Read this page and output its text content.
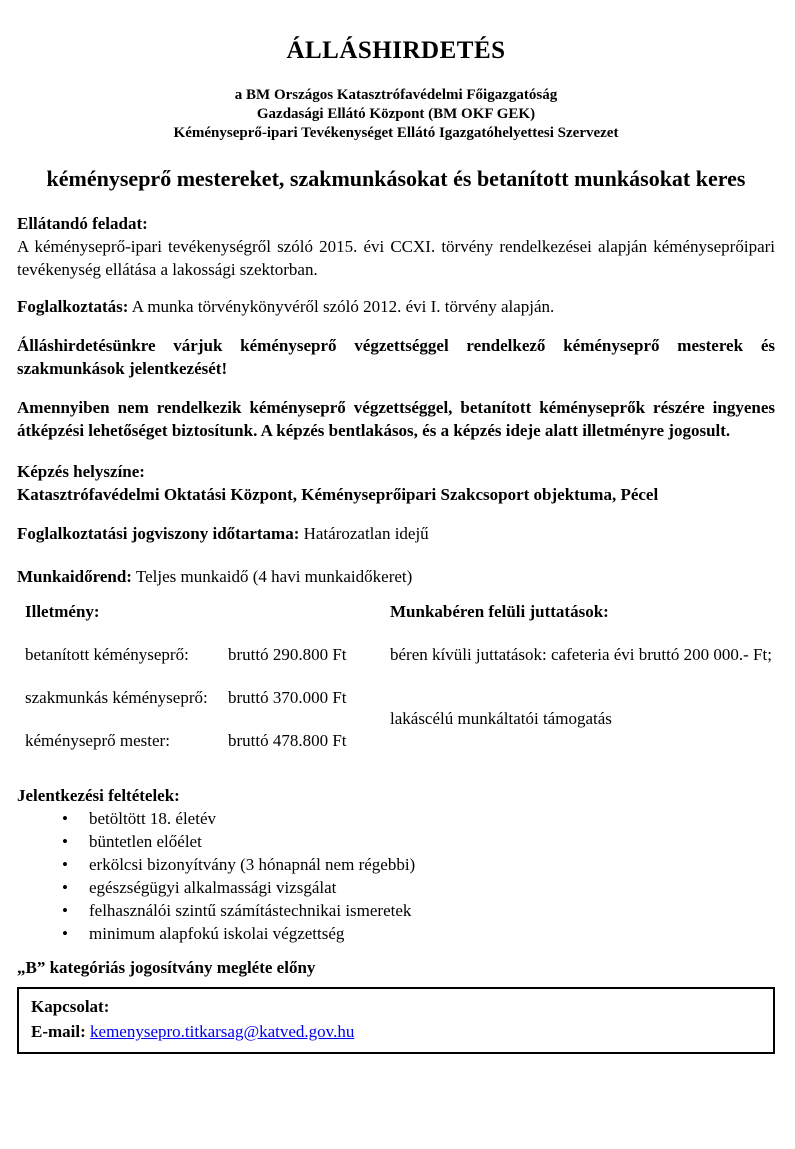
ÁLLÁSHIRDETÉS
a BM Országos Katasztrófavédelmi Főigazgatóság
Gazdasági Ellátó Központ (BM OKF GEK)
Kéményseprő-ipari Tevékenységet Ellátó Igazgatóhelyettesi Szervezet
kéményseprő mestereket, szakmunkásokat és betanított munkásokat keres
Ellátandó feladat:
A kéményseprő-ipari tevékenységről szóló 2015. évi CCXI. törvény rendelkezései alapján kéményseprőipari tevékenység ellátása a lakossági szektorban.

Foglalkoztatás: A munka törvénykönyvéről szóló 2012. évi I. törvény alapján.

Álláshirdetésünkre várjuk kéményseprő végzettséggel rendelkező kéményseprő mesterek és szakmunkások jelentkezését!

Amennyiben nem rendelkezik kéményseprő végzettséggel, betanított kéményseprők részére ingyenes átképzési lehetőséget biztosítunk. A képzés bentlakásos, és a képzés ideje alatt illetményre jogosult.

Képzés helyszíne:
Katasztrófavédelmi Oktatási Központ, Kéményseprőipari Szakcsoport objektuma, Pécel

Foglalkoztatási jogviszony időtartama: Határozatlan idejű

Munkaidőrend: Teljes munkaidő (4 havi munkaidőkeret)

Illetmény:
betanított kéményseprő:	bruttó 290.800 Ft
szakmunkás kéményseprő:	bruttó 370.000 Ft
kéményseprő mester:	bruttó 478.800 Ft
Munkabéren felüli juttatások:
béren kívüli juttatások: cafeteria évi bruttó 200 000.- Ft;
lakáscélú munkáltatói támogatás
Jelentkezési feltételek:
•
betöltött 18. életév
•
büntetlen előélet
•
erkölcsi bizonyítvány (3 hónapnál nem régebbi)
•
egészségügyi alkalmassági vizsgálat
•
felhasználói szintű számítástechnikai ismeretek
•
minimum alapfokú iskolai végzettség
„B” kategóriás jogosítvány megléte előny
Kapcsolat:
E-mail: kemenysepro.titkarsag@katved.gov.hu
